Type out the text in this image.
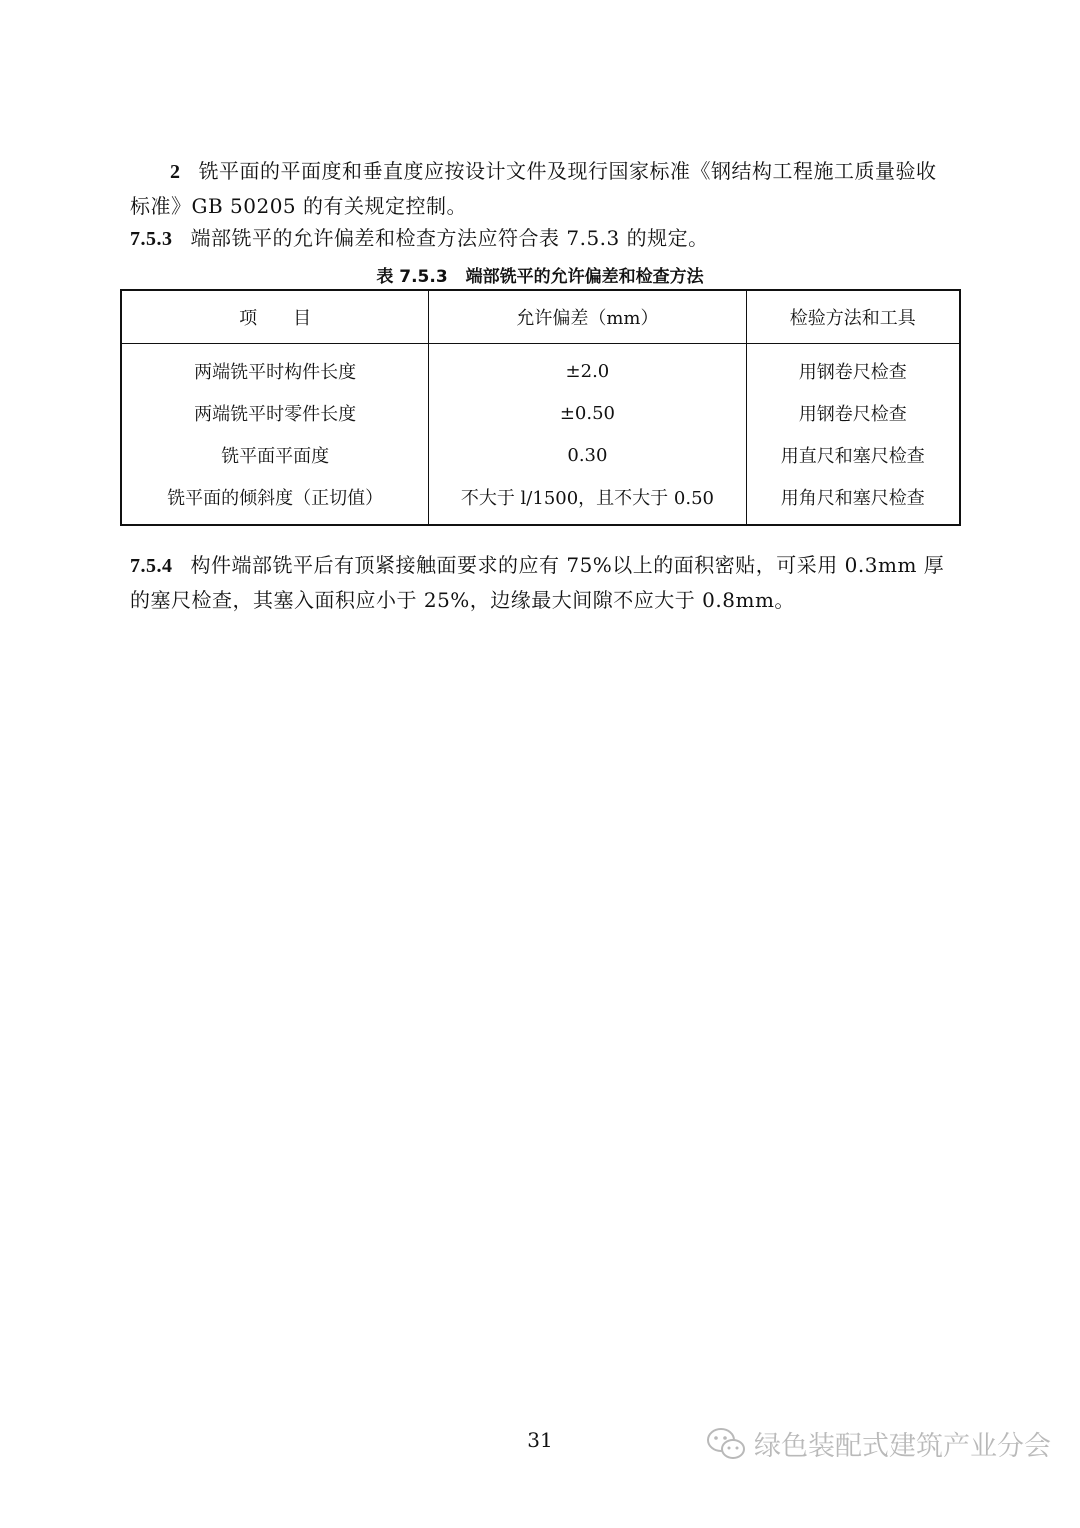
2 铣平面的平面度和垂直度应按设计文件及现行国家标准《钢结构工程施工质量验收标准》GB 50205 的有关规定控制。
7.5.3 端部铣平的允许偏差和检查方法应符合表 7.5.3 的规定。
表 7.5.3 端部铣平的允许偏差和检查方法
项　　目	允许偏差（mm）	检验方法和工具
两端铣平时构件长度	±2.0	用钢卷尺检查
两端铣平时零件长度	±0.50	用钢卷尺检查
铣平面平面度	0.30	用直尺和塞尺检查
铣平面的倾斜度（正切值）	不大于 l/1500，且不大于 0.50	用角尺和塞尺检查
7.5.4 构件端部铣平后有顶紧接触面要求的应有 75%以上的面积密贴，可采用 0.3mm 厚的塞尺检查，其塞入面积应小于 25%，边缘最大间隙不应大于 0.8mm。
31	绿色装配式建筑产业分会
